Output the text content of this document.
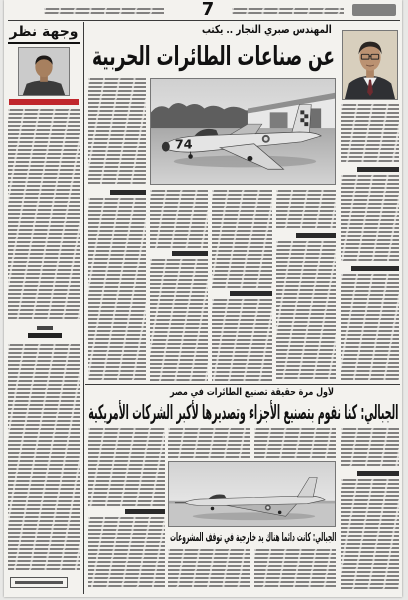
7
وجهة نظر	المهندس صبري النجار .. يكتب
عن صناعات الطائرات الحربية
74
لأول مرة حقيقة تصنيع الطائرات في مصر
الجبالي: كنا نقوم بتصنيع الأجزاء وتصديرها لأكبر الشركات الأمريكية
الجبالي: كانت دائما هناك يد خارجية في توقف المشروعات
